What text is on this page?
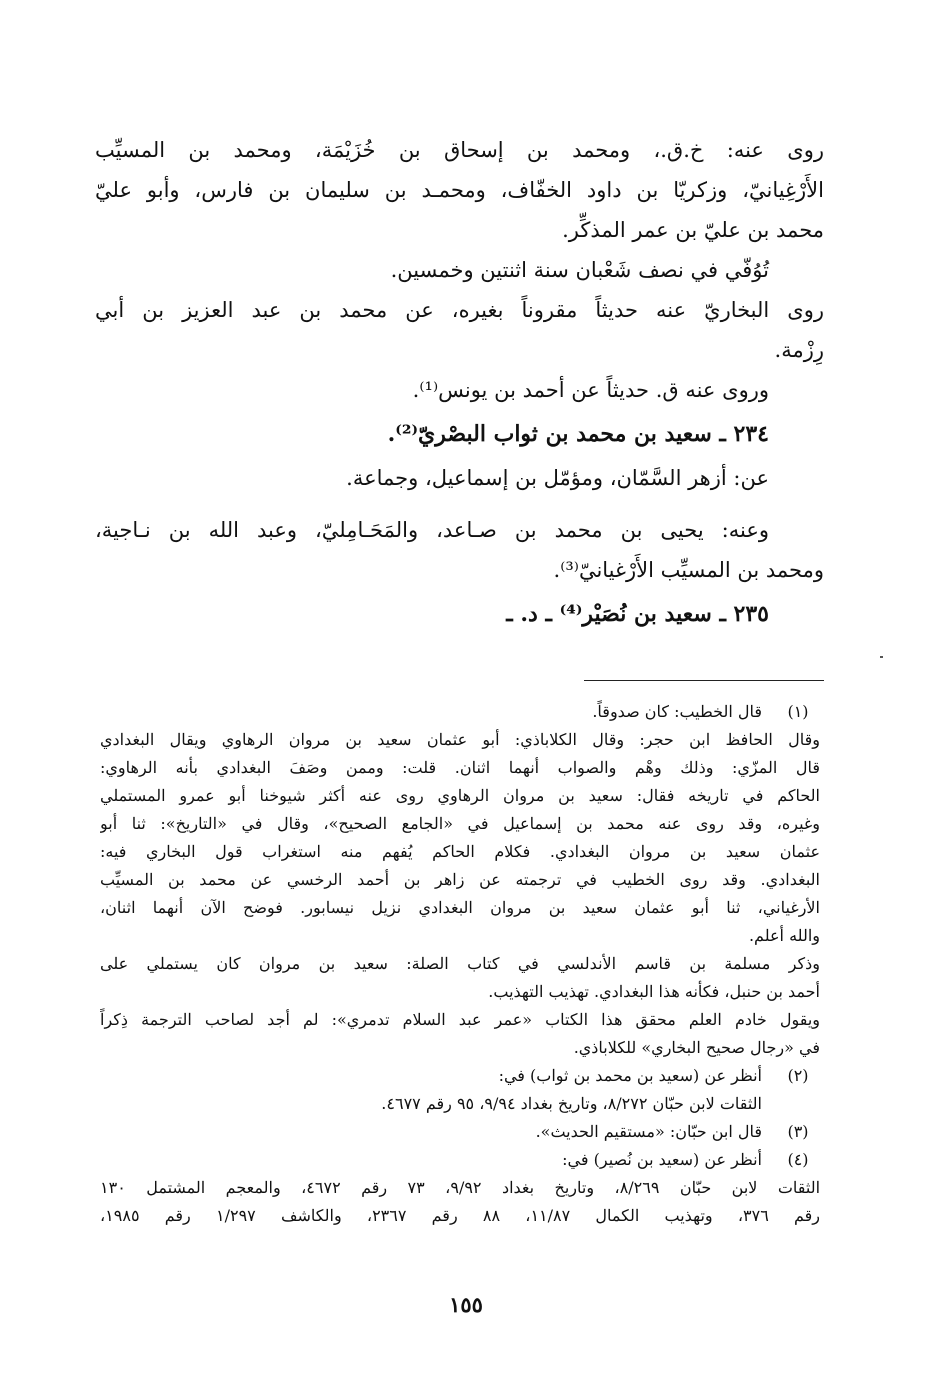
روى عنه: خ.ق.، ومحمد بن إسحاق بن خُزَيْمَة، ومحمد بن المسيِّب
الأَرْغِيانيّ، وزكريّا بن داود الخفّاف، ومحمـد بن سليمان بن فارس، وأبو عليّ
محمد بن عليّ بن عمر المذكِّر.
تُوُفّي في نصف شَعْبان سنة اثنتين وخمسين.
روى البخاريّ عنه حديثاً مقروناً بغيره، عن محمد بن عبد العزيز بن أبي
رِزْمة.
وروى عنه ق. حديثاً عن أحمد بن يونس⁽¹⁾.
٢٣٤ ـ سعيد بن محمد بن ثواب البصْريّ⁽²⁾.
عن: أزهر السَّمّان، ومؤمّل بن إسماعيل، وجماعة.
وعنه: يحيى بن محمد بن صـاعد، والمَحَـامِليّ، وعبد الله بن نـاجية،
ومحمد بن المسيِّب الأَرْغيانيّ⁽³⁾.
٢٣٥ ـ سعيد بن نُصَيْر⁽⁴⁾ ـ د. ـ
(١)
قال الخطيب: كان صدوقاً.
وقال الحافظ ابن حجر: وقال الكلاباذي: أبو عثمان سعيد بن مروان الرهاوي ويقال البغدادي
قال المزّي: وذلك وهْم والصواب أنهما اثنان. قلت: وممن وصَفَ البغدادي بأنه الرهاوي:
الحاكم في تاريخه فقال: سعيد بن مروان الرهاوي روى عنه أكثر شيوخنا أبو عمرو المستملي
وغيره، وقد روى عنه محمد بن إسماعيل في «الجامع الصحيح»، وقال في «التاريخ»: ثنا أبو
عثمان سعيد بن مروان البغدادي. فكلام الحاكم يُفهم منه استغراب قول البخاري فيه:
البغدادي. وقد روى الخطيب في ترجمته عن زاهر بن أحمد الرخسي عن محمد بن المسيِّب
الأرغياني، ثنا أبو عثمان سعيد بن مروان البغدادي نزيل نيسابور. فوضح الآن أنهما اثنان،
والله أعلم.
وذكر مسلمة بن قاسم الأندلسي في كتاب الصلة: سعيد بن مروان كان يستملي على
أحمد بن حنبل، فكأنه هذا البغدادي. تهذيب التهذيب.
ويقول خادم العلم محقق هذا الكتاب «عمر عبد السلام تدمري»: لم أجد لصاحب الترجمة ذِكراً
في «رجال صحيح البخاري» للكلاباذي.
(٢)
أنظر عن (سعيد بن محمد بن ثواب) في:
الثقات لابن حبّان ٨/٢٧٢، وتاريخ بغداد ٩/٩٤، ٩٥ رقم ٤٦٧٧.
(٣)
قال ابن حبّان: «مستقيم الحديث».
(٤)
أنظر عن (سعيد بن نُصير) في:
الثقات لابن حبّان ٨/٢٦٩، وتاريخ بغداد ٩/٩٢، ٧٣ رقم ٤٦٧٢، والمعجم المشتمل ١٣٠
رقم ٣٧٦، وتهذيب الكمال ١١/٨٧، ٨٨ رقم ٢٣٦٧، والكاشف ١/٢٩٧ رقم ١٩٨٥،
١٥٥
